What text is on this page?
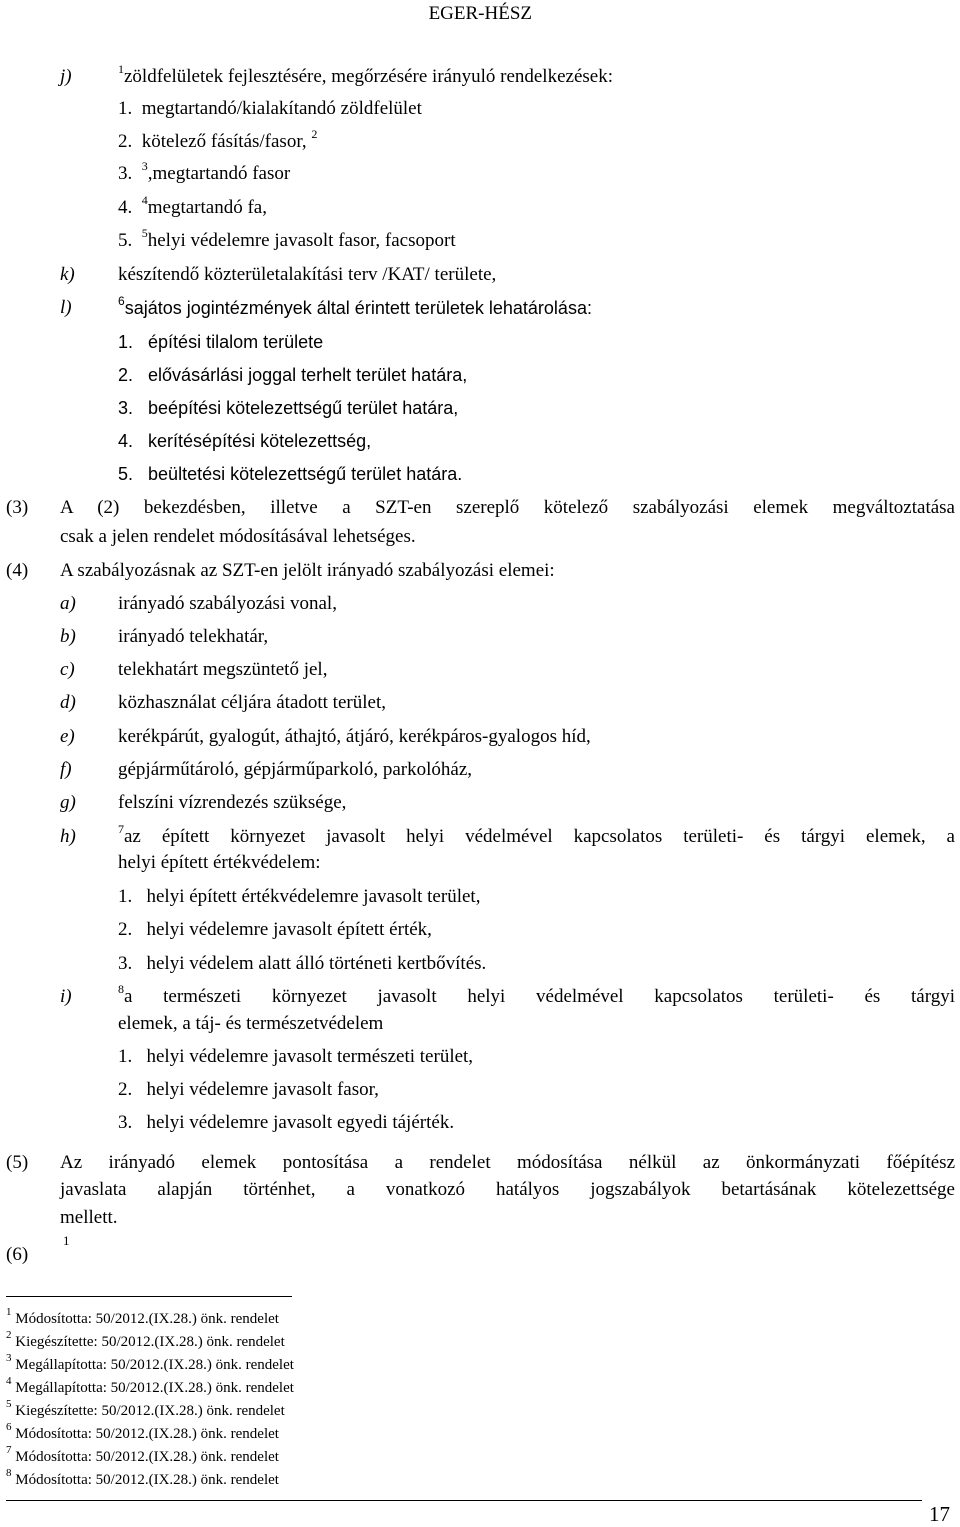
EGER-HÉSZ
j)	$^1$zöldfelületek fejlesztésére, megőrzésére irányuló rendelkezések:
1. megtartandó/kialakítandó zöldfelület
2. kötelező fásítás/fasor, $^2$
3. $^3$,megtartandó fasor
4. $^4$megtartandó fa,
5. $^5$helyi védelemre javasolt fasor, facsoport
k) készítendő közterületalakítási terv /KAT/ területe,
l)	$^6$sajátos jogintézmények által érintett területek lehatárolása:
1. építési tilalom területe
2. elővásárlási joggal terhelt terület határa,
3. beépítési kötelezettségű terület határa,
4. kerítésépítési kötelezettség,
5. beültetési kötelezettségű terület határa.
(3) A (2) bekezdésben, illetve a SZT-en szereplő kötelező szabályozási elemek megváltoztatása
csak a jelen rendelet módosításával lehetséges.
(4) A szabályozásnak az SZT-en jelölt irányadó szabályozási elemei:
a) irányadó szabályozási vonal,
b) irányadó telekhatár,
c) telekhatárt megszüntető jel,
d) közhasználat céljára átadott terület,
e) kerékpárút, gyalogút, áthajtó, átjáró, kerékpáros-gyalogos híd,
f) gépjárműtároló, gépjárműparkoló, parkolóház,
g) felszíni vízrendezés szüksége,
h)	$^7$az épített környezet javasolt helyi védelmével kapcsolatos területi- és tárgyi elemek, a
helyi épített értékvédelem:
1. helyi épített értékvédelemre javasolt terület,
2. helyi védelemre javasolt épített érték,
3. helyi védelem alatt álló történeti kertbővítés.
i)	$^8$a természeti környezet javasolt helyi védelmével kapcsolatos területi- és tárgyi
elemek, a táj- és természetvédelem
1. helyi védelemre javasolt természeti terület,
2. helyi védelemre javasolt fasor,
3. helyi védelemre javasolt egyedi tájérték.
(5) Az irányadó elemek pontosítása a rendelet módosítása nélkül az önkormányzati főépítész
javaslata alapján történhet, a vonatkozó hatályos jogszabályok betartásának kötelezettsége
mellett.
(6)
1
$^1$ Módosította: 50/2012.(IX.28.) önk. rendelet
$^2$ Kiegészítette: 50/2012.(IX.28.) önk. rendelet
$^3$ Megállapította: 50/2012.(IX.28.) önk. rendelet
$^4$ Megállapította: 50/2012.(IX.28.) önk. rendelet
$^5$ Kiegészítette: 50/2012.(IX.28.) önk. rendelet
$^6$ Módosította: 50/2012.(IX.28.) önk. rendelet
$^7$ Módosította: 50/2012.(IX.28.) önk. rendelet
$^8$ Módosította: 50/2012.(IX.28.) önk. rendelet
17
